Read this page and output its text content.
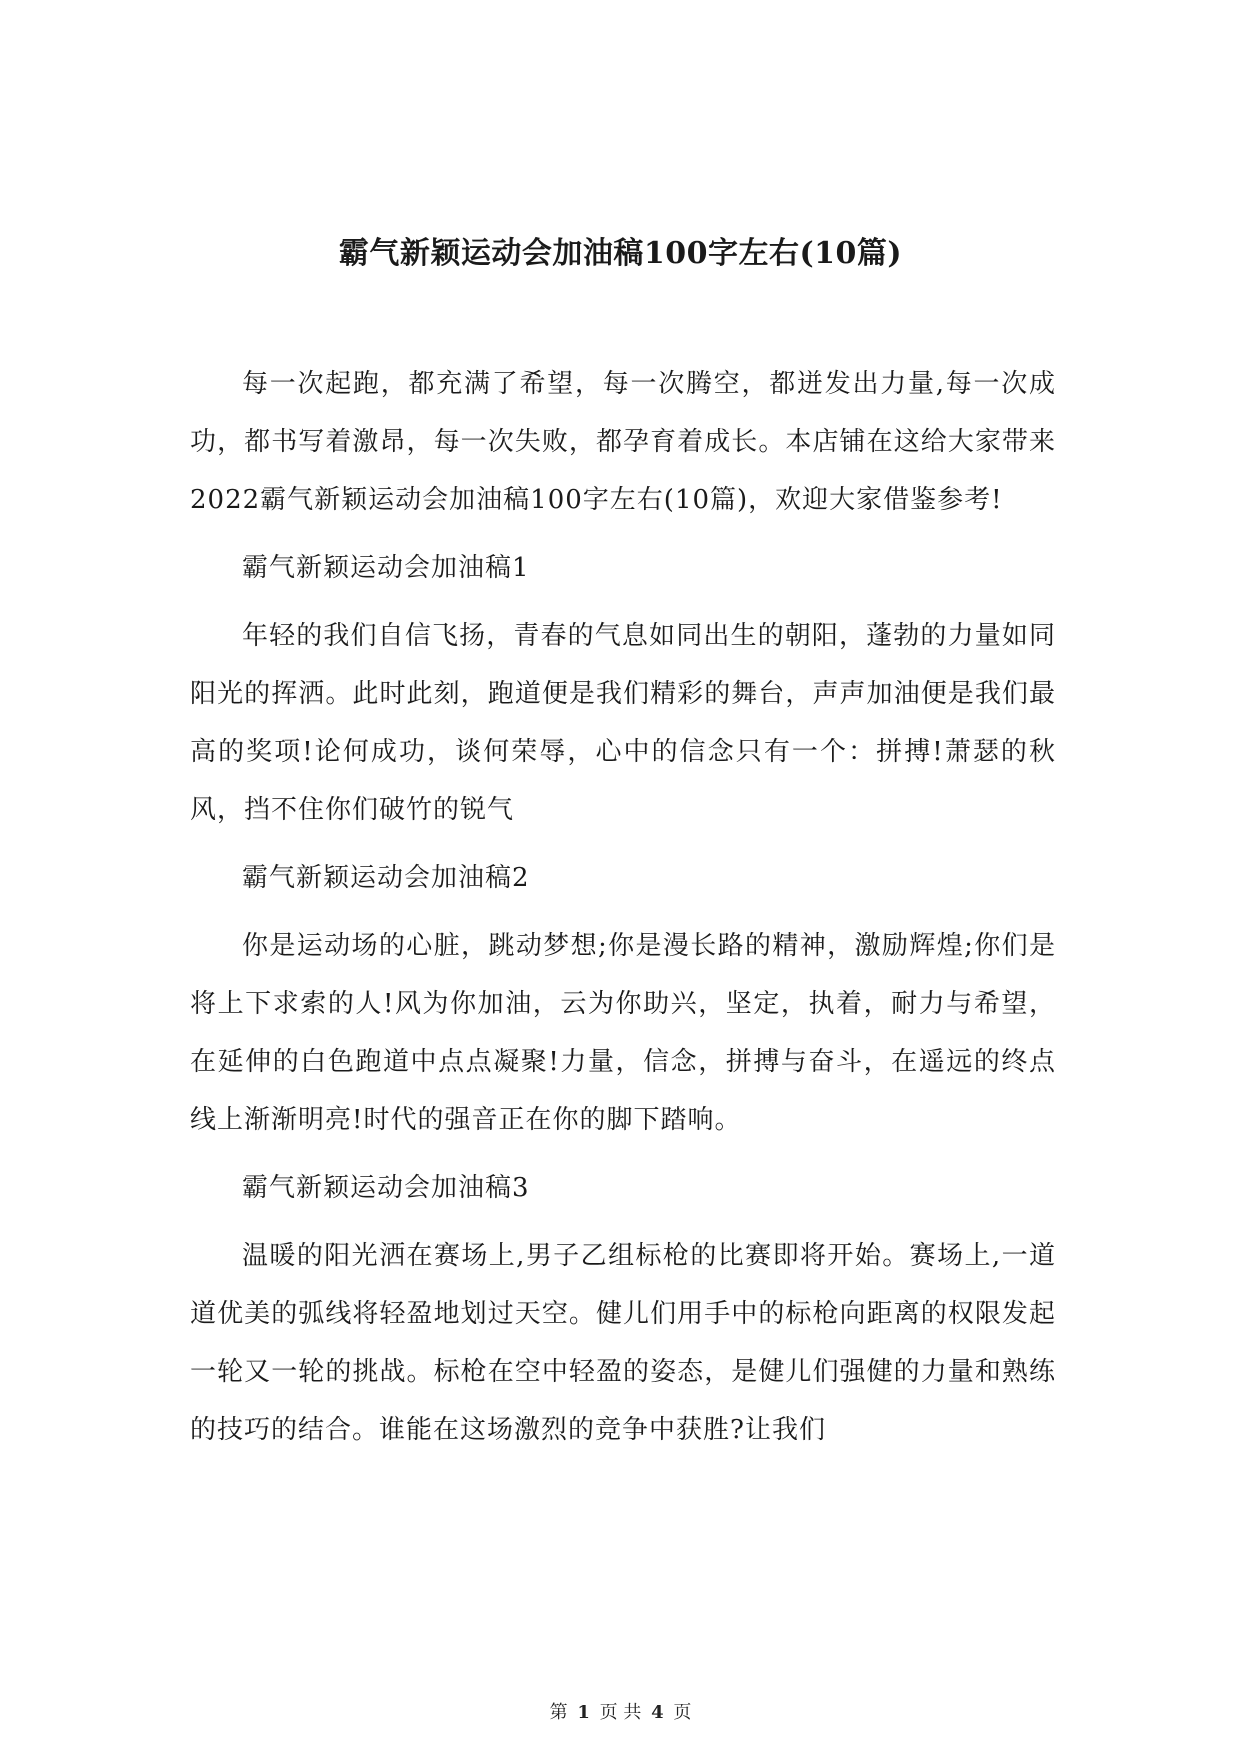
霸气新颖运动会加油稿100字左右(10篇)

每一次起跑，都充满了希望，每一次腾空，都迸发出力量,每一次成功，都书写着激昂，每一次失败，都孕育着成长。本店铺在这给大家带来2022霸气新颖运动会加油稿100字左右(10篇)，欢迎大家借鉴参考!

霸气新颖运动会加油稿1

年轻的我们自信飞扬，青春的气息如同出生的朝阳，蓬勃的力量如同阳光的挥洒。此时此刻，跑道便是我们精彩的舞台，声声加油便是我们最高的奖项!论何成功，谈何荣辱，心中的信念只有一个：拼搏!萧瑟的秋风，挡不住你们破竹的锐气

霸气新颖运动会加油稿2

你是运动场的心脏，跳动梦想;你是漫长路的精神，激励辉煌;你们是将上下求索的人!风为你加油，云为你助兴，坚定，执着，耐力与希望，在延伸的白色跑道中点点凝聚!力量，信念，拼搏与奋斗，在遥远的终点线上渐渐明亮!时代的强音正在你的脚下踏响。

霸气新颖运动会加油稿3

温暖的阳光洒在赛场上,男子乙组标枪的比赛即将开始。赛场上,一道道优美的弧线将轻盈地划过天空。健儿们用手中的标枪向距离的权限发起一轮又一轮的挑战。标枪在空中轻盈的姿态，是健儿们强健的力量和熟练的技巧的结合。谁能在这场激烈的竞争中获胜?让我们

第 1 页 共 4 页
